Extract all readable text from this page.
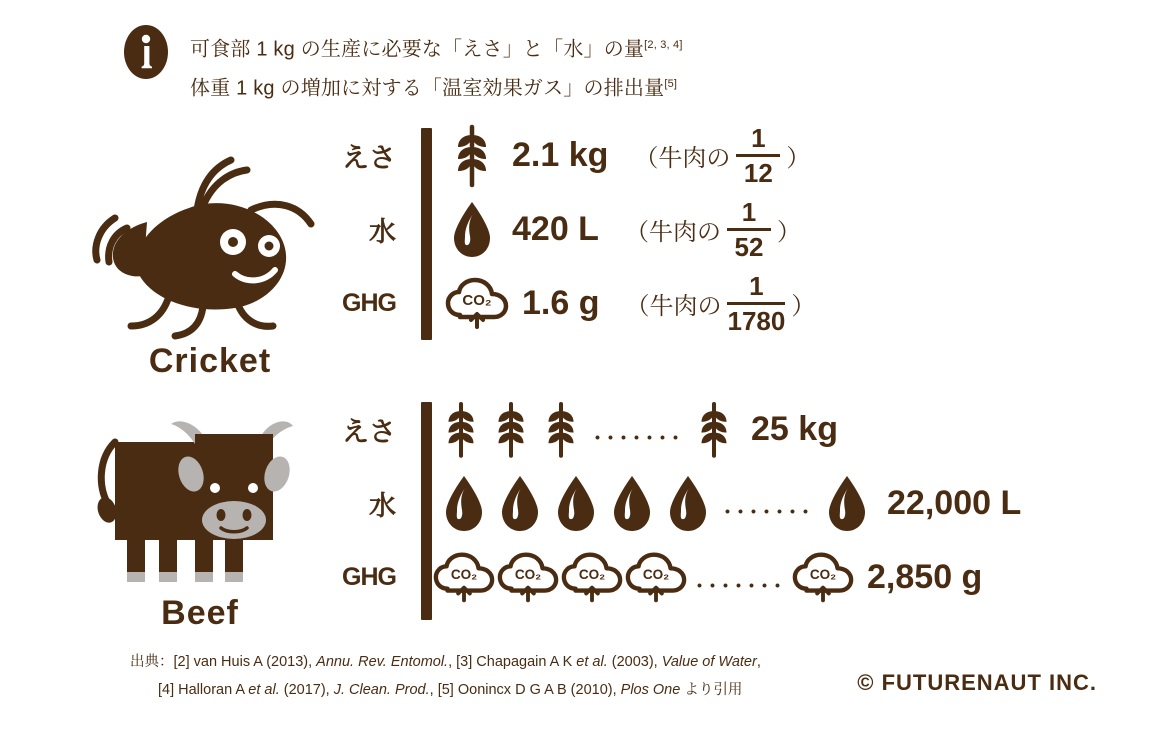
可食部 1 kg の生産に必要な「えさ」と「水」の量[2, 3, 4]
体重 1 kg の増加に対する「温室効果ガス」の排出量[5]
Cricket
えさ	2.1 kg （牛肉の $\frac{1}{12}$ ）
水	420 L （牛肉の $\frac{1}{52}$ ）
GHG	CO₂ 1.6 g （牛肉の $\frac{1}{1780}$ ）
Beef
えさ	･･･････	25 kg
水	･･･････	22,000 L
GHG	CO₂	CO₂	CO₂	CO₂ ･･･････	CO₂ 2,850 g
出典：[2] van Huis A (2013), Annu. Rev. Entomol., [3] Chapagain A K et al. (2003), Value of Water,
[4] Halloran A et al. (2017), J. Clean. Prod., [5] Oonincx D G A B (2010), Plos One より引用	© FUTURENAUT INC.
